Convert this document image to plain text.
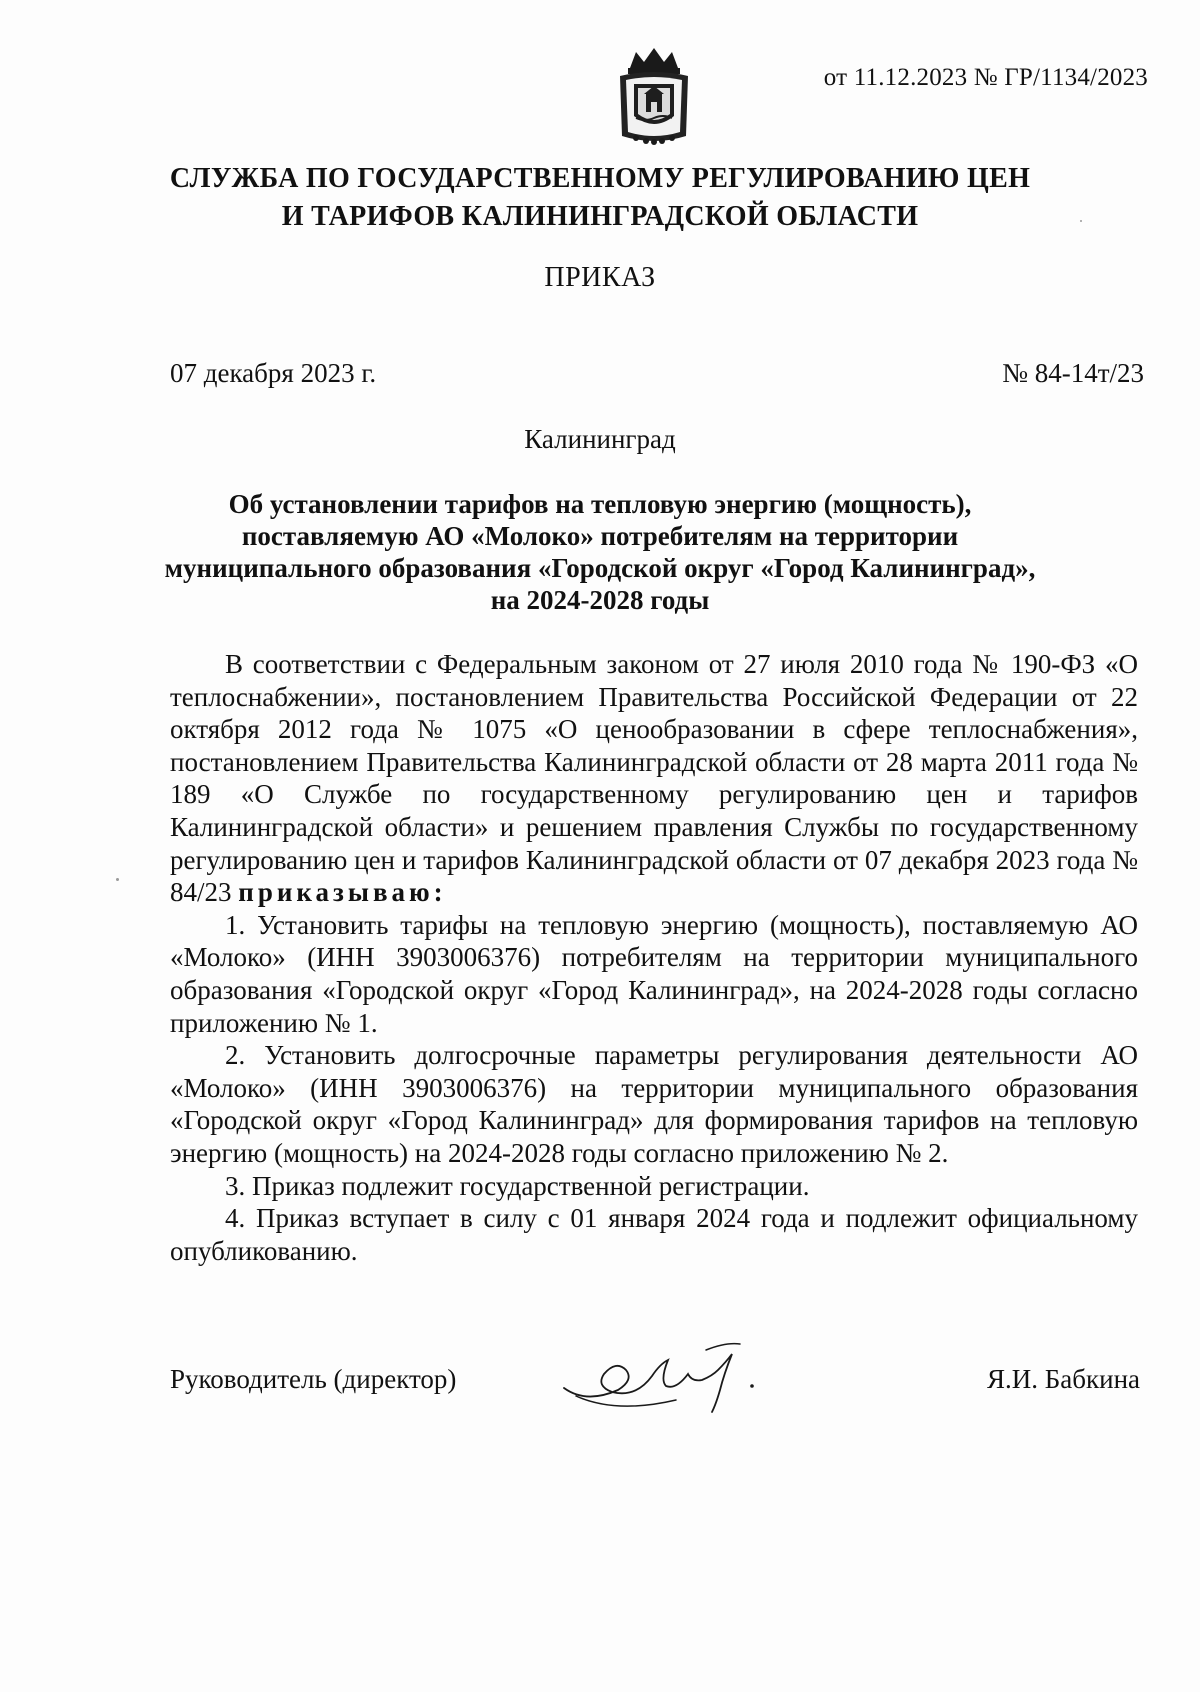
от 11.12.2023 № ГР/1134/2023
СЛУЖБА ПО ГОСУДАРСТВЕННОМУ РЕГУЛИРОВАНИЮ ЦЕН
И ТАРИФОВ КАЛИНИНГРАДСКОЙ ОБЛАСТИ
ПРИКАЗ
07 декабря 2023 г.	№ 84-14т/23
Калининград
Об установлении тарифов на тепловую энергию (мощность),
поставляемую АО «Молоко» потребителям на территории
муниципального образования «Городской округ «Город Калининград»,
на 2024-2028 годы

В соответствии с Федеральным законом от 27 июля 2010 года № 190-ФЗ «О теплоснабжении», постановлением Правительства Российской Федерации от 22 октября 2012 года № 1075 «О ценообразовании в сфере теплоснабжения», постановлением Правительства Калининградской области от 28 марта 2011 года № 189 «О Службе по государственному регулированию цен и тарифов Калининградской области» и решением правления Службы по государственному регулированию цен и тарифов Калининградской области от 07 декабря 2023 года № 84/23 приказываю:

1. Установить тарифы на тепловую энергию (мощность), поставляемую АО «Молоко» (ИНН 3903006376) потребителям на территории муниципального образования «Городской округ «Город Калининград», на 2024-2028 годы согласно приложению № 1.

2. Установить долгосрочные параметры регулирования деятельности АО «Молоко» (ИНН 3903006376) на территории муниципального образования «Городской округ «Город Калининград» для формирования тарифов на тепловую энергию (мощность) на 2024-2028 годы согласно приложению № 2.

3. Приказ подлежит государственной регистрации.

4. Приказ вступает в силу с 01 января 2024 года и подлежит официальному опубликованию.

Руководитель (директор)	Я.И. Бабкина
